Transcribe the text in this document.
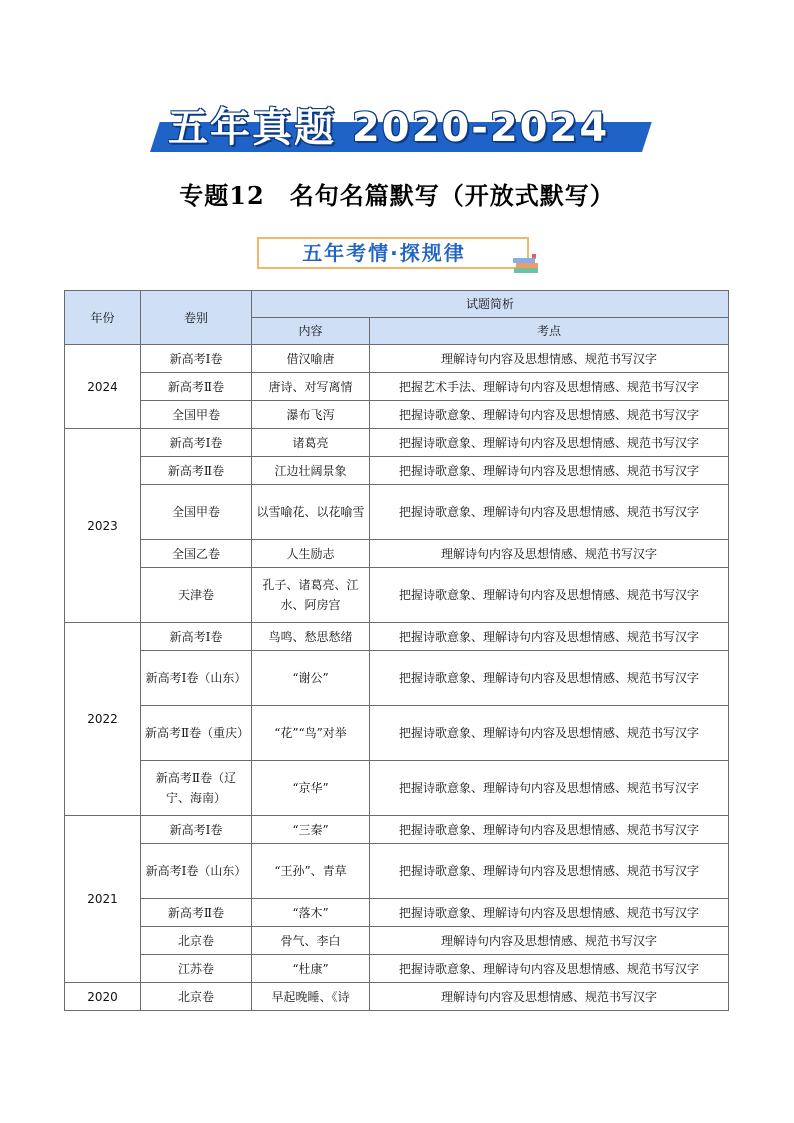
五年真题 2020-2024
专题12　名句名篇默写（开放式默写）
五年考情·探规律
年份	卷别	试题简析	
		内容	考点
2024	新高考Ⅰ卷	借汉喻唐	理解诗句内容及思想情感、规范书写汉字
	新高考Ⅱ卷	唐诗、对写离情	把握艺术手法、理解诗句内容及思想情感、规范书写汉字
	全国甲卷	瀑布飞泻	把握诗歌意象、理解诗句内容及思想情感、规范书写汉字
2023	新高考Ⅰ卷	诸葛亮	把握诗歌意象、理解诗句内容及思想情感、规范书写汉字
	新高考Ⅱ卷	江边壮阔景象	把握诗歌意象、理解诗句内容及思想情感、规范书写汉字
	全国甲卷	以雪喻花、以花喻雪	把握诗歌意象、理解诗句内容及思想情感、规范书写汉字
	全国乙卷	人生励志	理解诗句内容及思想情感、规范书写汉字
	天津卷	孔子、诸葛亮、江水、阿房宫	把握诗歌意象、理解诗句内容及思想情感、规范书写汉字
2022	新高考Ⅰ卷	鸟鸣、愁思愁绪	把握诗歌意象、理解诗句内容及思想情感、规范书写汉字
	新高考Ⅰ卷（山东）	“谢公”	把握诗歌意象、理解诗句内容及思想情感、规范书写汉字
	新高考Ⅱ卷（重庆）	“花”“鸟”对举	把握诗歌意象、理解诗句内容及思想情感、规范书写汉字
	新高考Ⅱ卷（辽宁、海南）	“京华”	把握诗歌意象、理解诗句内容及思想情感、规范书写汉字
2021	新高考Ⅰ卷	“三秦”	把握诗歌意象、理解诗句内容及思想情感、规范书写汉字
	新高考Ⅰ卷（山东）	“王孙”、青草	把握诗歌意象、理解诗句内容及思想情感、规范书写汉字
	新高考Ⅱ卷	“落木”	把握诗歌意象、理解诗句内容及思想情感、规范书写汉字
	北京卷	骨气、李白	理解诗句内容及思想情感、规范书写汉字
	江苏卷	“杜康”	把握诗歌意象、理解诗句内容及思想情感、规范书写汉字
2020	北京卷	早起晚睡、《诗	理解诗句内容及思想情感、规范书写汉字
